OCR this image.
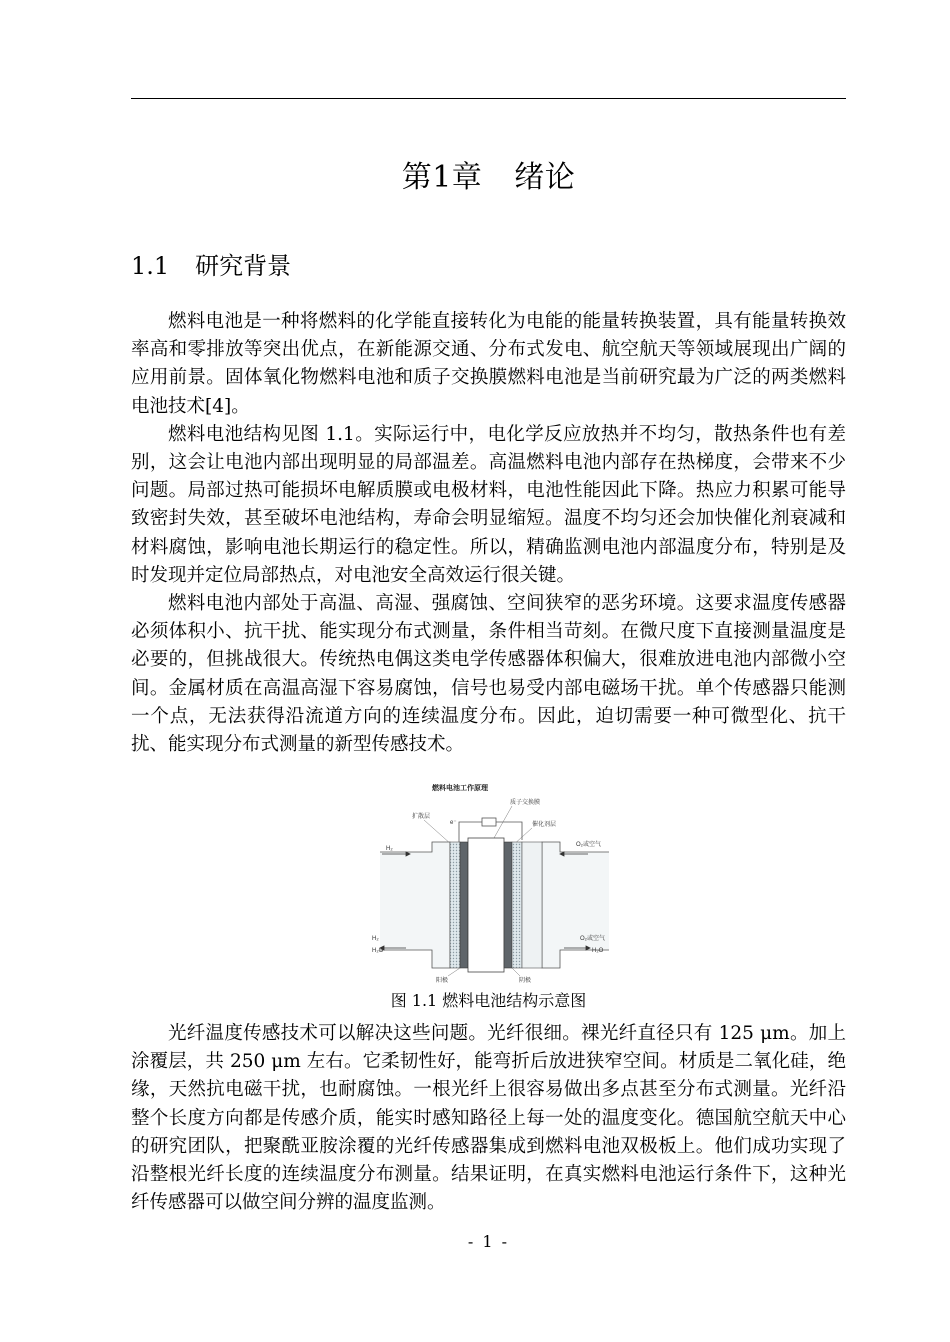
第1章 绪论
1.1 研究背景

燃料电池是一种将燃料的化学能直接转化为电能的能量转换装置，具有能量转换效率高和零排放等突出优点，在新能源交通、分布式发电、航空航天等领域展现出广阔的应用前景。固体氧化物燃料电池和质子交换膜燃料电池是当前研究最为广泛的两类燃料电池技术[4]。

燃料电池结构见图 1.1。实际运行中，电化学反应放热并不均匀，散热条件也有差别，这会让电池内部出现明显的局部温差。高温燃料电池内部存在热梯度，会带来不少问题。局部过热可能损坏电解质膜或电极材料，电池性能因此下降。热应力积累可能导致密封失效，甚至破坏电池结构，寿命会明显缩短。温度不均匀还会加快催化剂衰减和材料腐蚀，影响电池长期运行的稳定性。所以，精确监测电池内部温度分布，特别是及时发现并定位局部热点，对电池安全高效运行很关键。

燃料电池内部处于高温、高湿、强腐蚀、空间狭窄的恶劣环境。这要求温度传感器必须体积小、抗干扰、能实现分布式测量，条件相当苛刻。在微尺度下直接测量温度是必要的，但挑战很大。传统热电偶这类电学传感器体积偏大，很难放进电池内部微小空间。金属材质在高温高湿下容易腐蚀，信号也易受内部电磁场干扰。单个传感器只能测一个点，无法获得沿流道方向的连续温度分布。因此，迫切需要一种可微型化、抗干扰、能实现分布式测量的新型传感技术。

燃料电池工作原理
质子交换膜
扩散层
e⁻	催化剂层
H₂
O₂或空气
H₂
H₂O
O₂或空气
H₂O
阳极	阴极
图 1.1 燃料电池结构示意图

光纤温度传感技术可以解决这些问题。光纤很细。裸光纤直径只有 125 μm。加上涂覆层，共 250 μm 左右。它柔韧性好，能弯折后放进狭窄空间。材质是二氧化硅，绝缘，天然抗电磁干扰，也耐腐蚀。一根光纤上很容易做出多点甚至分布式测量。光纤沿整个长度方向都是传感介质，能实时感知路径上每一处的温度变化。德国航空航天中心的研究团队，把聚酰亚胺涂覆的光纤传感器集成到燃料电池双极板上。他们成功实现了沿整根光纤长度的连续温度分布测量。结果证明，在真实燃料电池运行条件下，这种光纤传感器可以做空间分辨的温度监测。

- 1 -
